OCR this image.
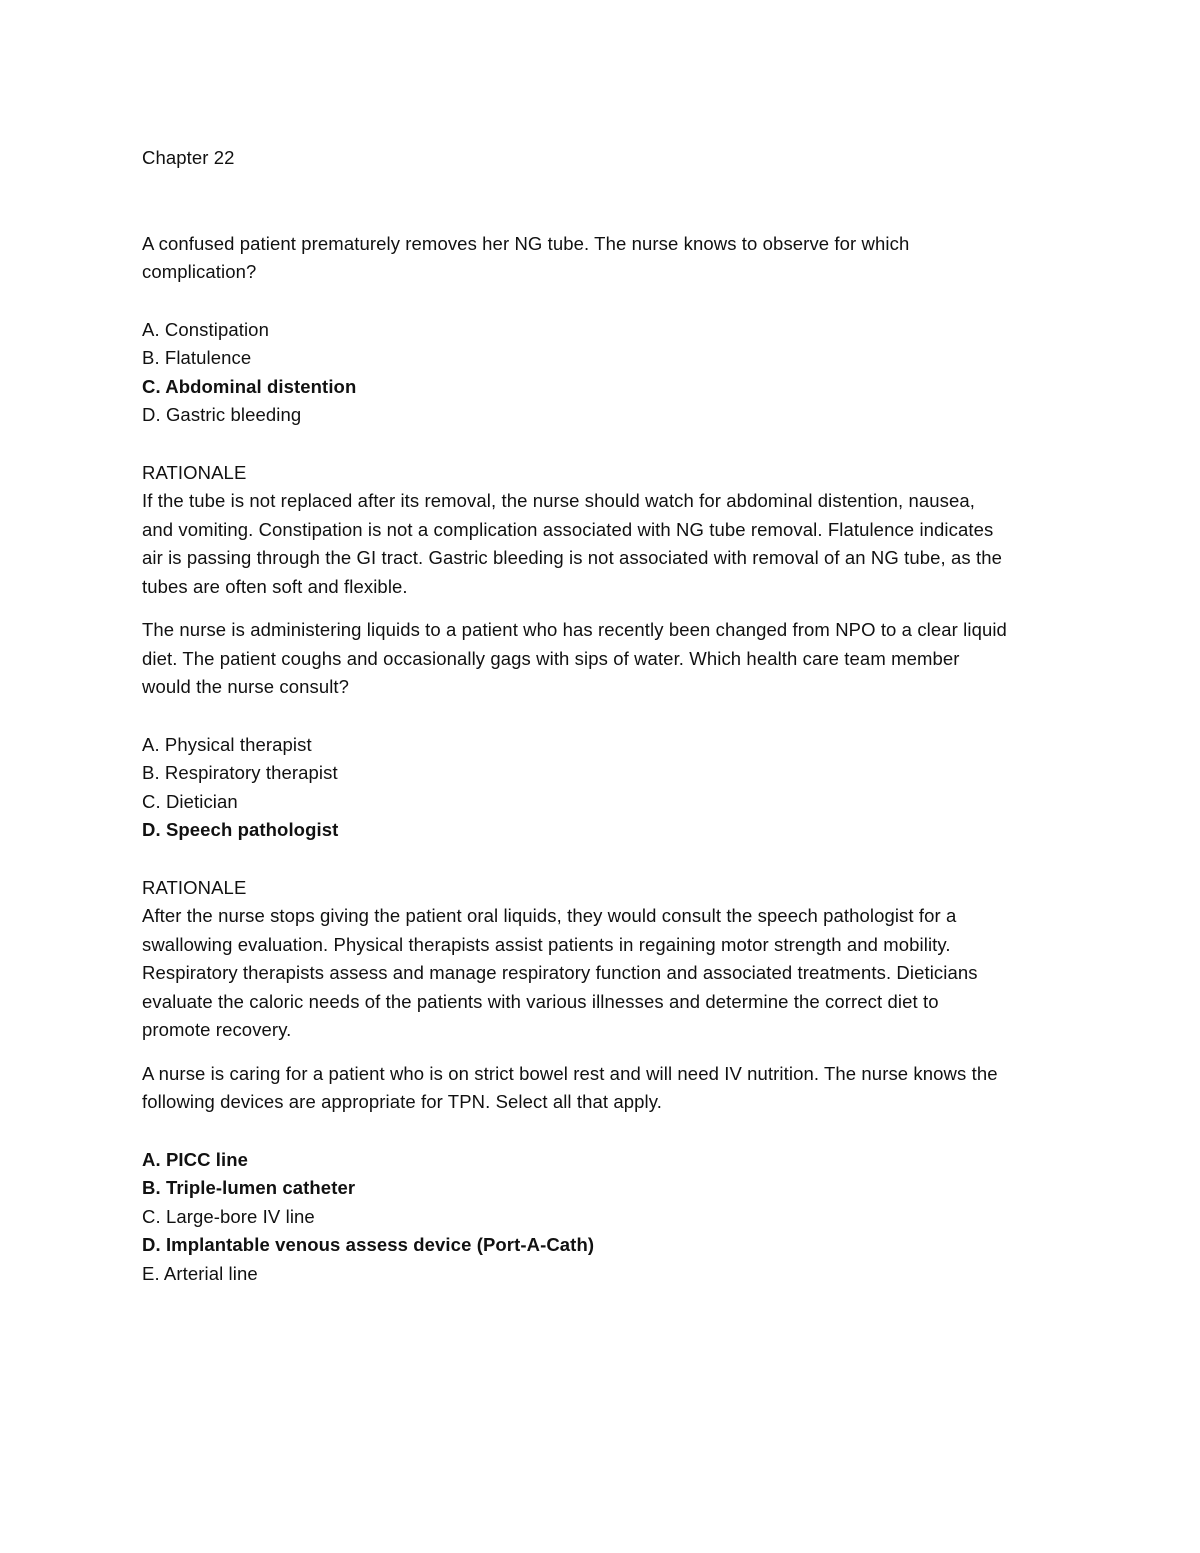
Chapter 22
A confused patient prematurely removes her NG tube. The nurse knows to observe for which
complication?
A. Constipation
B. Flatulence
C. Abdominal distention
D. Gastric bleeding
RATIONALE
If the tube is not replaced after its removal, the nurse should watch for abdominal distention, nausea,
and vomiting. Constipation is not a complication associated with NG tube removal. Flatulence indicates
air is passing through the GI tract. Gastric bleeding is not associated with removal of an NG tube, as the
tubes are often soft and flexible.
The nurse is administering liquids to a patient who has recently been changed from NPO to a clear liquid
diet. The patient coughs and occasionally gags with sips of water. Which health care team member
would the nurse consult?
A. Physical therapist
B. Respiratory therapist
C. Dietician
D. Speech pathologist
RATIONALE
After the nurse stops giving the patient oral liquids, they would consult the speech pathologist for a
swallowing evaluation. Physical therapists assist patients in regaining motor strength and mobility.
Respiratory therapists assess and manage respiratory function and associated treatments. Dieticians
evaluate the caloric needs of the patients with various illnesses and determine the correct diet to
promote recovery.
A nurse is caring for a patient who is on strict bowel rest and will need IV nutrition. The nurse knows the
following devices are appropriate for TPN. Select all that apply.
A. PICC line
B. Triple-lumen catheter
C. Large-bore IV line
D. Implantable venous assess device (Port-A-Cath)
E. Arterial line
